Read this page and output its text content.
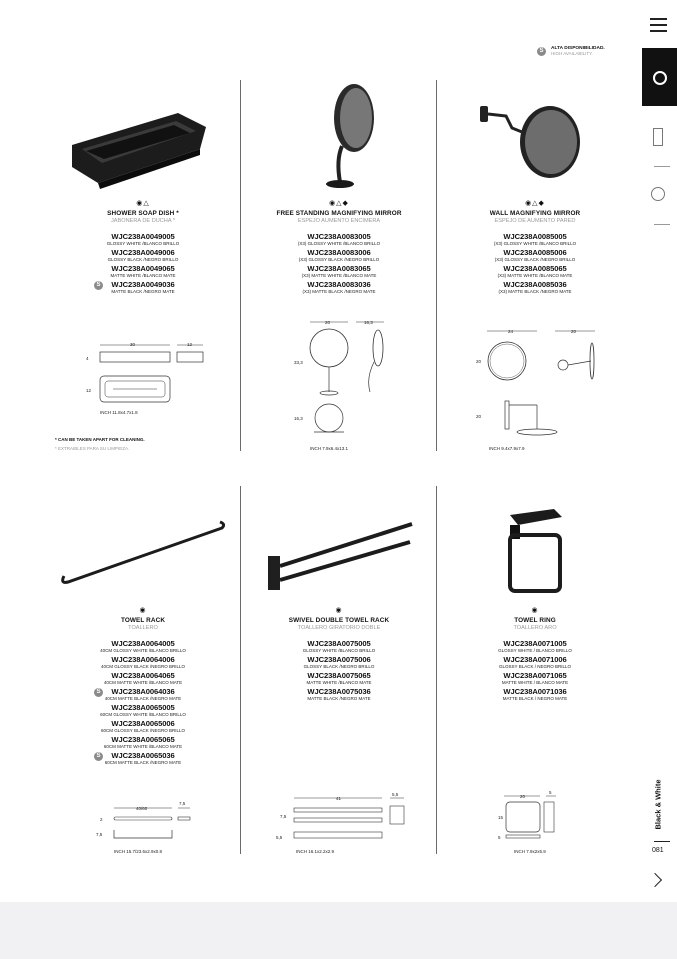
S	ALTA DISPONIBILIDAD.
HIGH AVAILABILITY.
◉△
SHOWER SOAP DISH *
JABONERA DE DUCHA *
WJC238A0049005
GLOSSY WHITE /BLANCO BRILLO
WJC238A0049006
GLOSSY BLACK /NEGRO BRILLO
WJC238A0049065
MATTE WHITE /BLANCO MATE
WJC238A0049036
MATTE BLACK /NEGRO MATE
S
◉△◆
FREE STANDING MAGNIFYING MIRROR
ESPEJO AUMENTO ENCIMERA
WJC238A0083005
(X3) GLOSSY WHITE /BLANCO BRILLO
WJC238A0083006
(X3) GLOSSY BLACK /NEGRO BRILLO
WJC238A0083065
(X3) MATTE WHITE /BLANCO MATE
WJC238A0083036
(X3) MATTE BLACK /NEGRO MATE
◉△◆
WALL MAGNIFYING MIRROR
ESPEJO DE AUMENTO PARED
WJC238A0085005
(X3) GLOSSY WHITE /BLANCO BRILLO
WJC238A0085006
(X3) GLOSSY BLACK /NEGRO BRILLO
WJC238A0085065
(X3) MATTE WHITE /BLANCO MATE
WJC238A0085036
(X3) MATTE BLACK /NEGRO MATE
30	12
4
12
20	16,3
33,3
16,3
24	20
20
20
INCH 11.8x4.7x1.8
INCH 7.9x6.4x13.1	INCH 9.4x7.9x7.9
* CAN BE TAKEN APART FOR CLEANING.
* EXTRAIBLES PARA SU LIMPIEZA.
◉
TOWEL RACK
TOALLERO
WJC238A0064005
40CM GLOSSY WHITE /BLANCO BRILLO
WJC238A0064006
40CM GLOSSY BLACK /NEGRO BRILLO
WJC238A0064065
40CM MATTE WHITE /BLANCO MATE
WJC238A0064036
40CM MATTE BLACK /NEGRO MATE
S
WJC238A0065005
60CM GLOSSY WHITE /BLANCO BRILLO
WJC238A0065006
60CM GLOSSY BLACK /NEGRO BRILLO
WJC238A0065065
60CM MATTE WHITE /BLANCO MATE
WJC238A0065036
60CM MATTE BLACK /NEGRO MATE
S
◉
SWIVEL DOUBLE TOWEL RACK
TOALLERO GIRATORIO DOBLE
WJC238A0075005
GLOSSY WHITE /BLANCO BRILLO
WJC238A0075006
GLOSSY BLACK /NEGRO BRILLO
WJC238A0075065
MATTE WHITE /BLANCO MATE
WJC238A0075036
MATTE BLACK /NEGRO MATE
◉
TOWEL RING
TOALLERO ARO
WJC238A0071005
GLOSSY WHITE / BLANCO BRILLO
WJC238A0071006
GLOSSY BLACK / NEGRO BRILLO
WJC238A0071065
MATTE WHITE / BLANCO MATE
WJC238A0071036
MATTE BLACK / NEGRO MATE
40/60
7,5
2
7,5
41
5,5
7,5
5,5
20
5
15
5
INCH 15.7/23.6x2.9x0.8	INCH 16.1x2.2x2.9	INCH 7.9x2x5.9
Black & White
081
